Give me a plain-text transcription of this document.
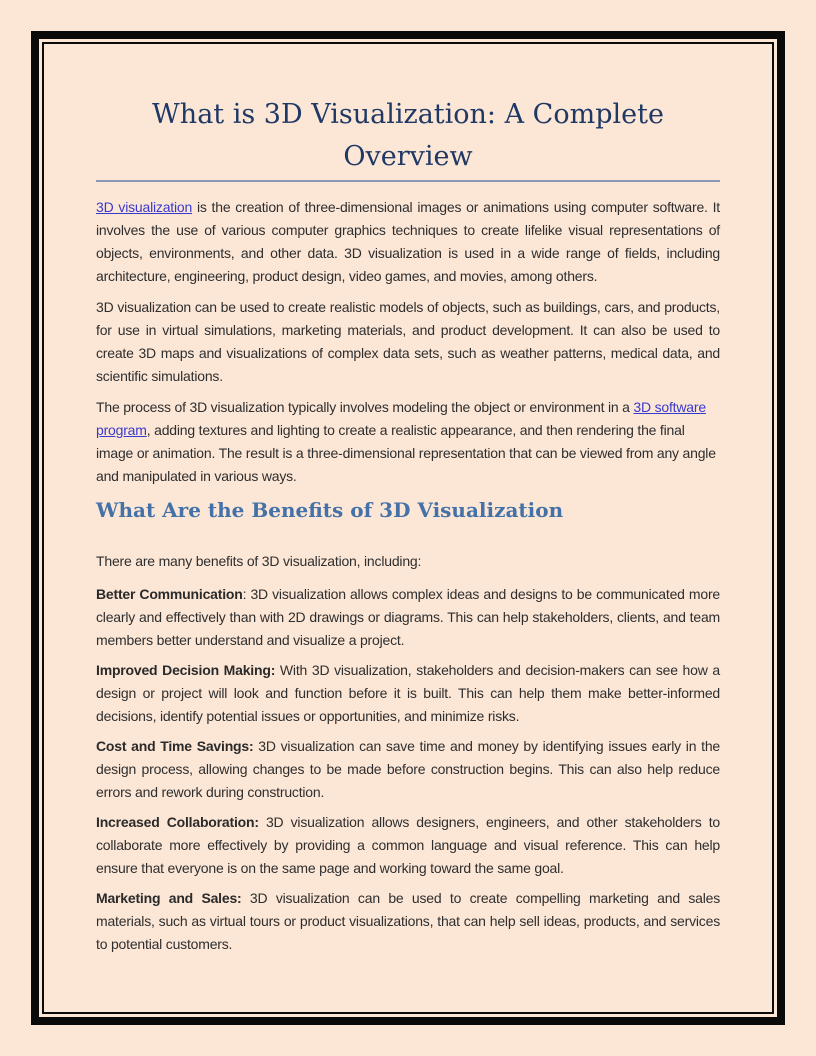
What is 3D Visualization: A Complete Overview

3D visualization is the creation of three-dimensional images or animations using computer software. It involves the use of various computer graphics techniques to create lifelike visual representations of objects, environments, and other data. 3D visualization is used in a wide range of fields, including architecture, engineering, product design, video games, and movies, among others.

3D visualization can be used to create realistic models of objects, such as buildings, cars, and products, for use in virtual simulations, marketing materials, and product development. It can also be used to create 3D maps and visualizations of complex data sets, such as weather patterns, medical data, and scientific simulations.

The process of 3D visualization typically involves modeling the object or environment in a 3D software program, adding textures and lighting to create a realistic appearance, and then rendering the final image or animation. The result is a three-dimensional representation that can be viewed from any angle and manipulated in various ways.

What Are the Benefits of 3D Visualization

There are many benefits of 3D visualization, including:

Better Communication: 3D visualization allows complex ideas and designs to be communicated more clearly and effectively than with 2D drawings or diagrams. This can help stakeholders, clients, and team members better understand and visualize a project.

Improved Decision Making: With 3D visualization, stakeholders and decision-makers can see how a design or project will look and function before it is built. This can help them make better-informed decisions, identify potential issues or opportunities, and minimize risks.

Cost and Time Savings: 3D visualization can save time and money by identifying issues early in the design process, allowing changes to be made before construction begins. This can also help reduce errors and rework during construction.

Increased Collaboration: 3D visualization allows designers, engineers, and other stakeholders to collaborate more effectively by providing a common language and visual reference. This can help ensure that everyone is on the same page and working toward the same goal.

Marketing and Sales: 3D visualization can be used to create compelling marketing and sales materials, such as virtual tours or product visualizations, that can help sell ideas, products, and services to potential customers.
